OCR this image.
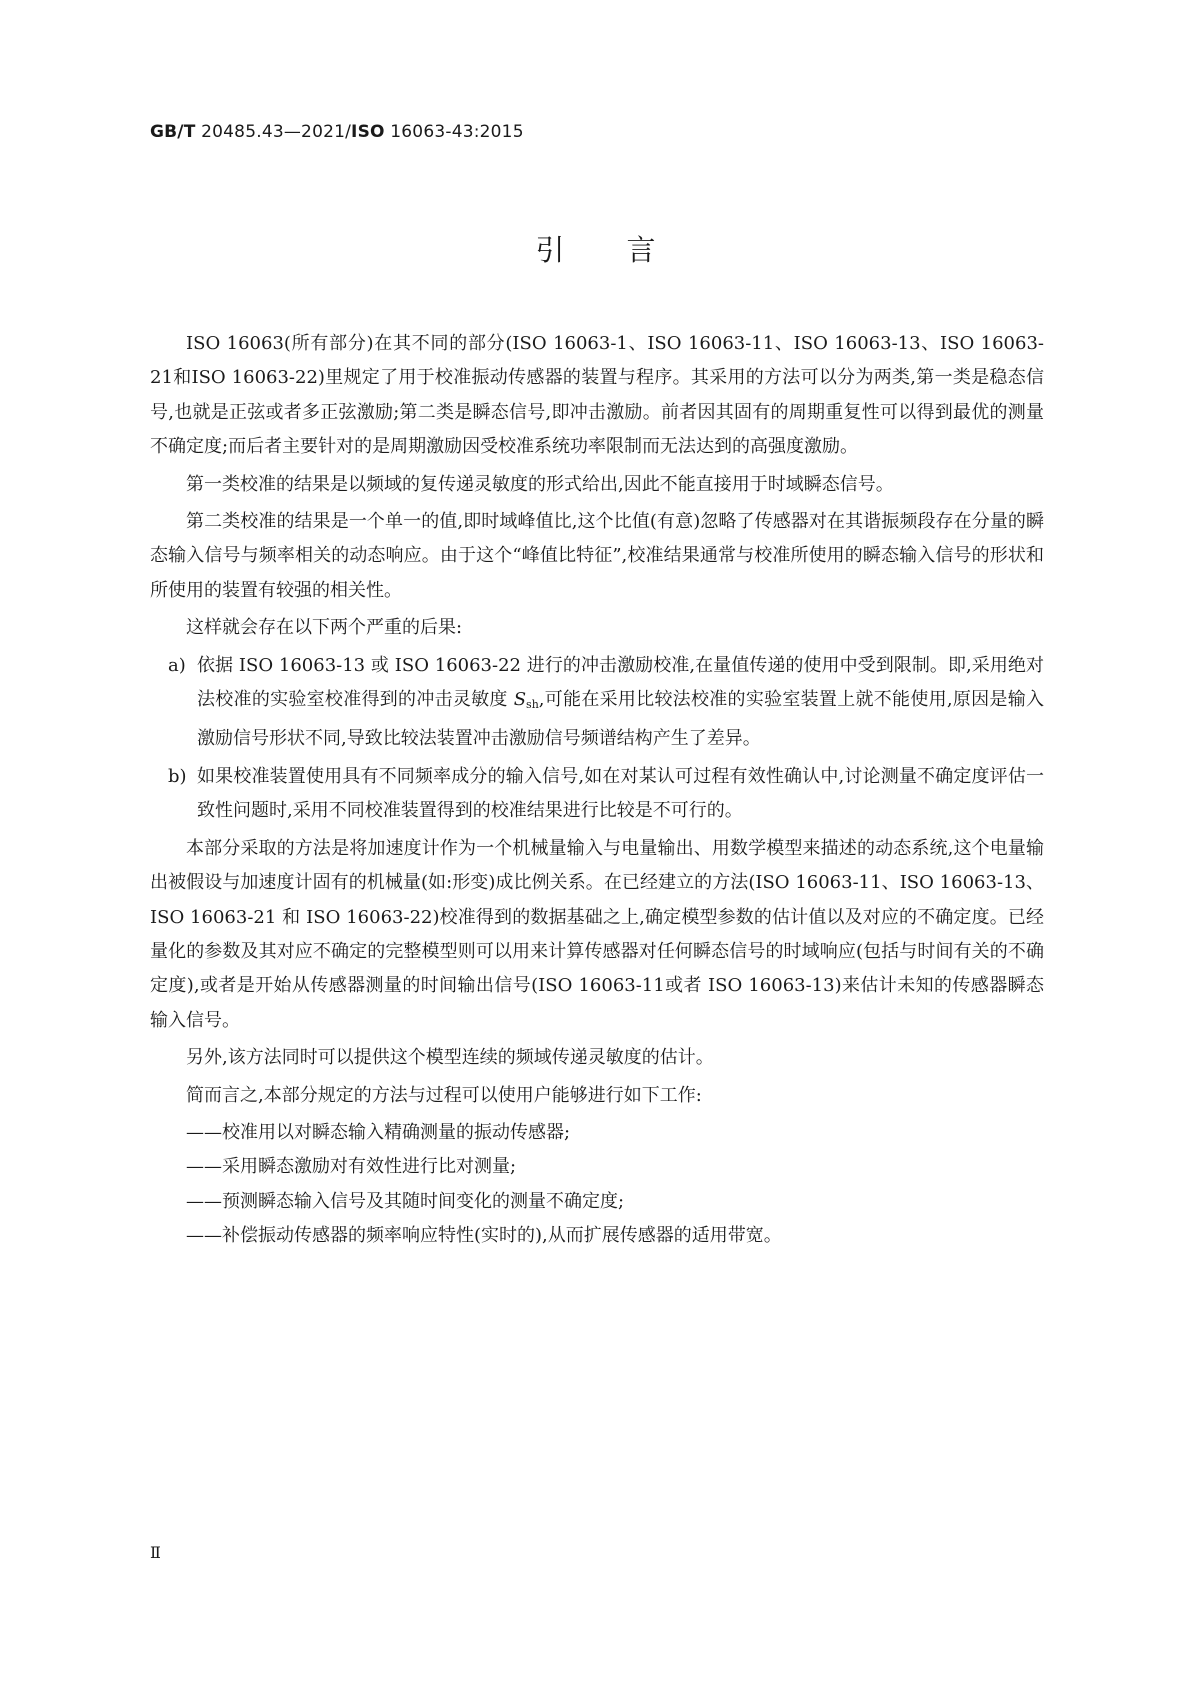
GB/T 20485.43—2021/ISO 16063-43:2015
引言

ISO 16063(所有部分)在其不同的部分(ISO 16063-1、ISO 16063-11、ISO 16063-13、ISO 16063-21和ISO 16063-22)里规定了用于校准振动传感器的装置与程序。其采用的方法可以分为两类,第一类是稳态信号,也就是正弦或者多正弦激励;第二类是瞬态信号,即冲击激励。前者因其固有的周期重复性可以得到最优的测量不确定度;而后者主要针对的是周期激励因受校准系统功率限制而无法达到的高强度激励。

第一类校准的结果是以频域的复传递灵敏度的形式给出,因此不能直接用于时域瞬态信号。

第二类校准的结果是一个单一的值,即时域峰值比,这个比值(有意)忽略了传感器对在其谐振频段存在分量的瞬态输入信号与频率相关的动态响应。由于这个“峰值比特征”,校准结果通常与校准所使用的瞬态输入信号的形状和所使用的装置有较强的相关性。

这样就会存在以下两个严重的后果:

a) 依据 ISO 16063-13 或 ISO 16063-22 进行的冲击激励校准,在量值传递的使用中受到限制。即,采用绝对法校准的实验室校准得到的冲击灵敏度 $S_{sh}$,可能在采用比较法校准的实验室装置上就不能使用,原因是输入激励信号形状不同,导致比较法装置冲击激励信号频谱结构产生了差异。
b) 如果校准装置使用具有不同频率成分的输入信号,如在对某认可过程有效性确认中,讨论测量不确定度评估一致性问题时,采用不同校准装置得到的校准结果进行比较是不可行的。

本部分采取的方法是将加速度计作为一个机械量输入与电量输出、用数学模型来描述的动态系统,这个电量输出被假设与加速度计固有的机械量(如:形变)成比例关系。在已经建立的方法(ISO 16063-11、ISO 16063-13、ISO 16063-21 和 ISO 16063-22)校准得到的数据基础之上,确定模型参数的估计值以及对应的不确定度。已经量化的参数及其对应不确定的完整模型则可以用来计算传感器对任何瞬态信号的时域响应(包括与时间有关的不确定度),或者是开始从传感器测量的时间输出信号(ISO 16063-11或者 ISO 16063-13)来估计未知的传感器瞬态输入信号。

另外,该方法同时可以提供这个模型连续的频域传递灵敏度的估计。

简而言之,本部分规定的方法与过程可以使用户能够进行如下工作:

——校准用以对瞬态输入精确测量的振动传感器;

——采用瞬态激励对有效性进行比对测量;

——预测瞬态输入信号及其随时间变化的测量不确定度;

——补偿振动传感器的频率响应特性(实时的),从而扩展传感器的适用带宽。

Ⅱ
